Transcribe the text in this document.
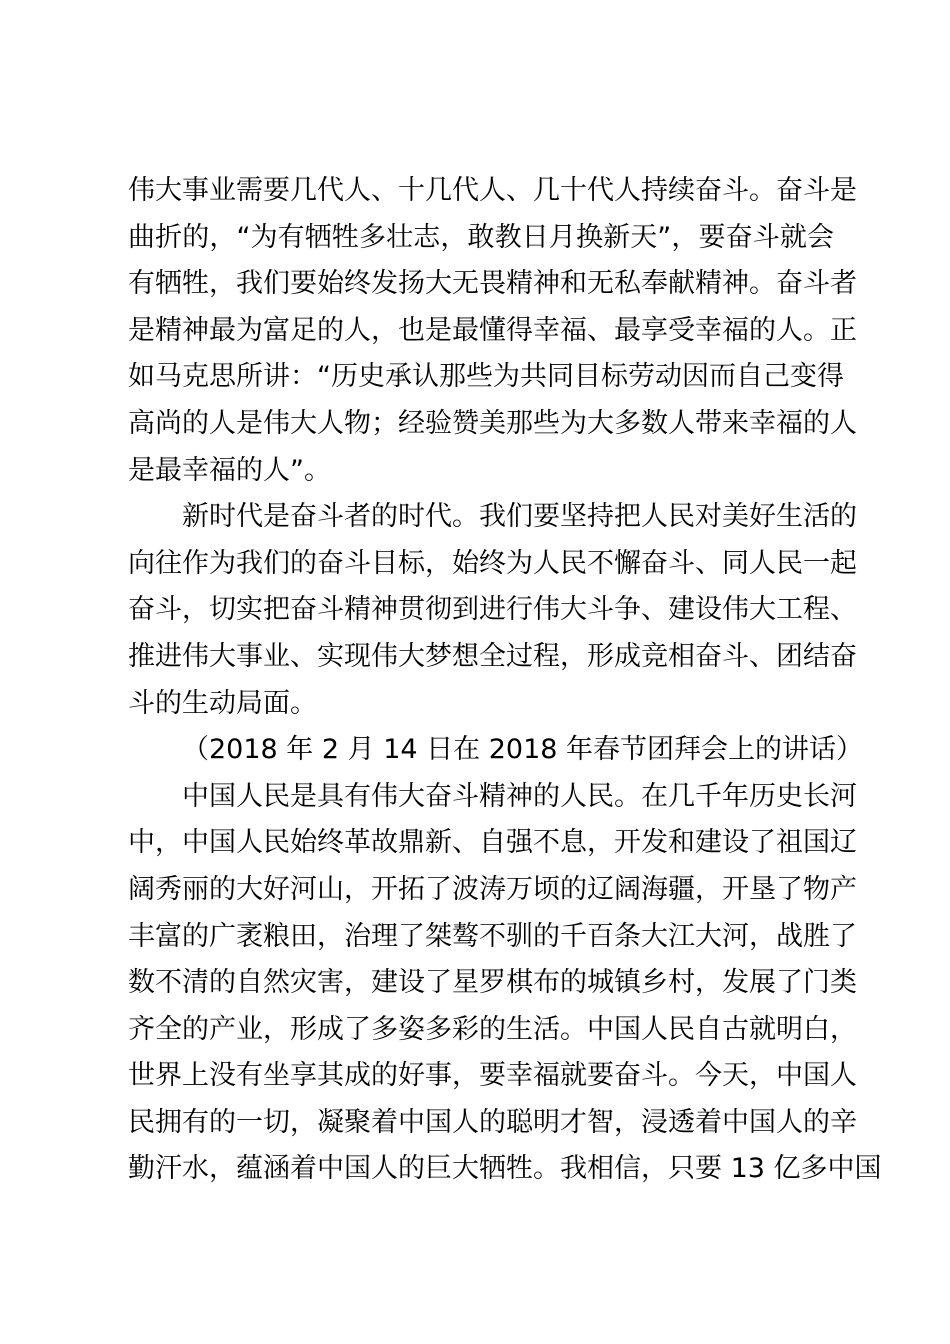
伟大事业需要几代人、十几代人、几十代人持续奋斗。奋斗是
曲折的，“为有牺牲多壮志，敢教日月换新天”，要奋斗就会
有牺牲，我们要始终发扬大无畏精神和无私奉献精神。奋斗者
是精神最为富足的人，也是最懂得幸福、最享受幸福的人。正
如马克思所讲：“历史承认那些为共同目标劳动因而自己变得
高尚的人是伟大人物；经验赞美那些为大多数人带来幸福的人
是最幸福的人”。
新时代是奋斗者的时代。我们要坚持把人民对美好生活的
向往作为我们的奋斗目标，始终为人民不懈奋斗、同人民一起
奋斗，切实把奋斗精神贯彻到进行伟大斗争、建设伟大工程、
推进伟大事业、实现伟大梦想全过程，形成竞相奋斗、团结奋
斗的生动局面。
（2018 年 2 月 14 日在 2018 年春节团拜会上的讲话）
中国人民是具有伟大奋斗精神的人民。在几千年历史长河
中，中国人民始终革故鼎新、自强不息，开发和建设了祖国辽
阔秀丽的大好河山，开拓了波涛万顷的辽阔海疆，开垦了物产
丰富的广袤粮田，治理了桀骜不驯的千百条大江大河，战胜了
数不清的自然灾害，建设了星罗棋布的城镇乡村，发展了门类
齐全的产业，形成了多姿多彩的生活。中国人民自古就明白，
世界上没有坐享其成的好事，要幸福就要奋斗。今天，中国人
民拥有的一切，凝聚着中国人的聪明才智，浸透着中国人的辛
勤汗水，蕴涵着中国人的巨大牺牲。我相信，只要 13 亿多中国
